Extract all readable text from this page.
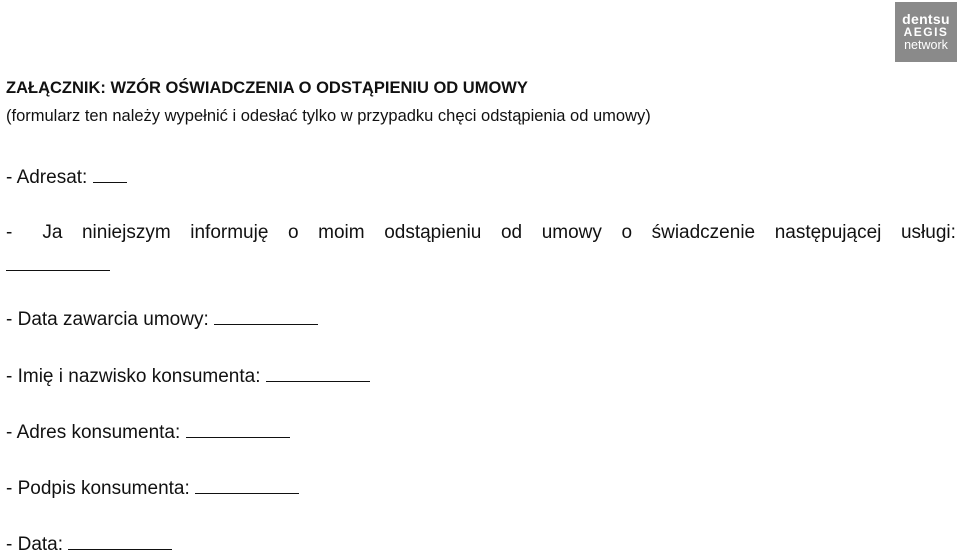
dentsu
AEGIS
network
ZAŁĄCZNIK: WZÓR OŚWIADCZENIA O ODSTĄPIENIU OD UMOWY
(formularz ten należy wypełnić i odesłać tylko w przypadku chęci odstąpienia od umowy)
- Adresat:
- Ja niniejszym informuję o moim odstąpieniu od umowy o świadczenie następującej usługi:
- Data zawarcia umowy:
- Imię i nazwisko konsumenta:
- Adres konsumenta:
- Podpis konsumenta:
- Data:
